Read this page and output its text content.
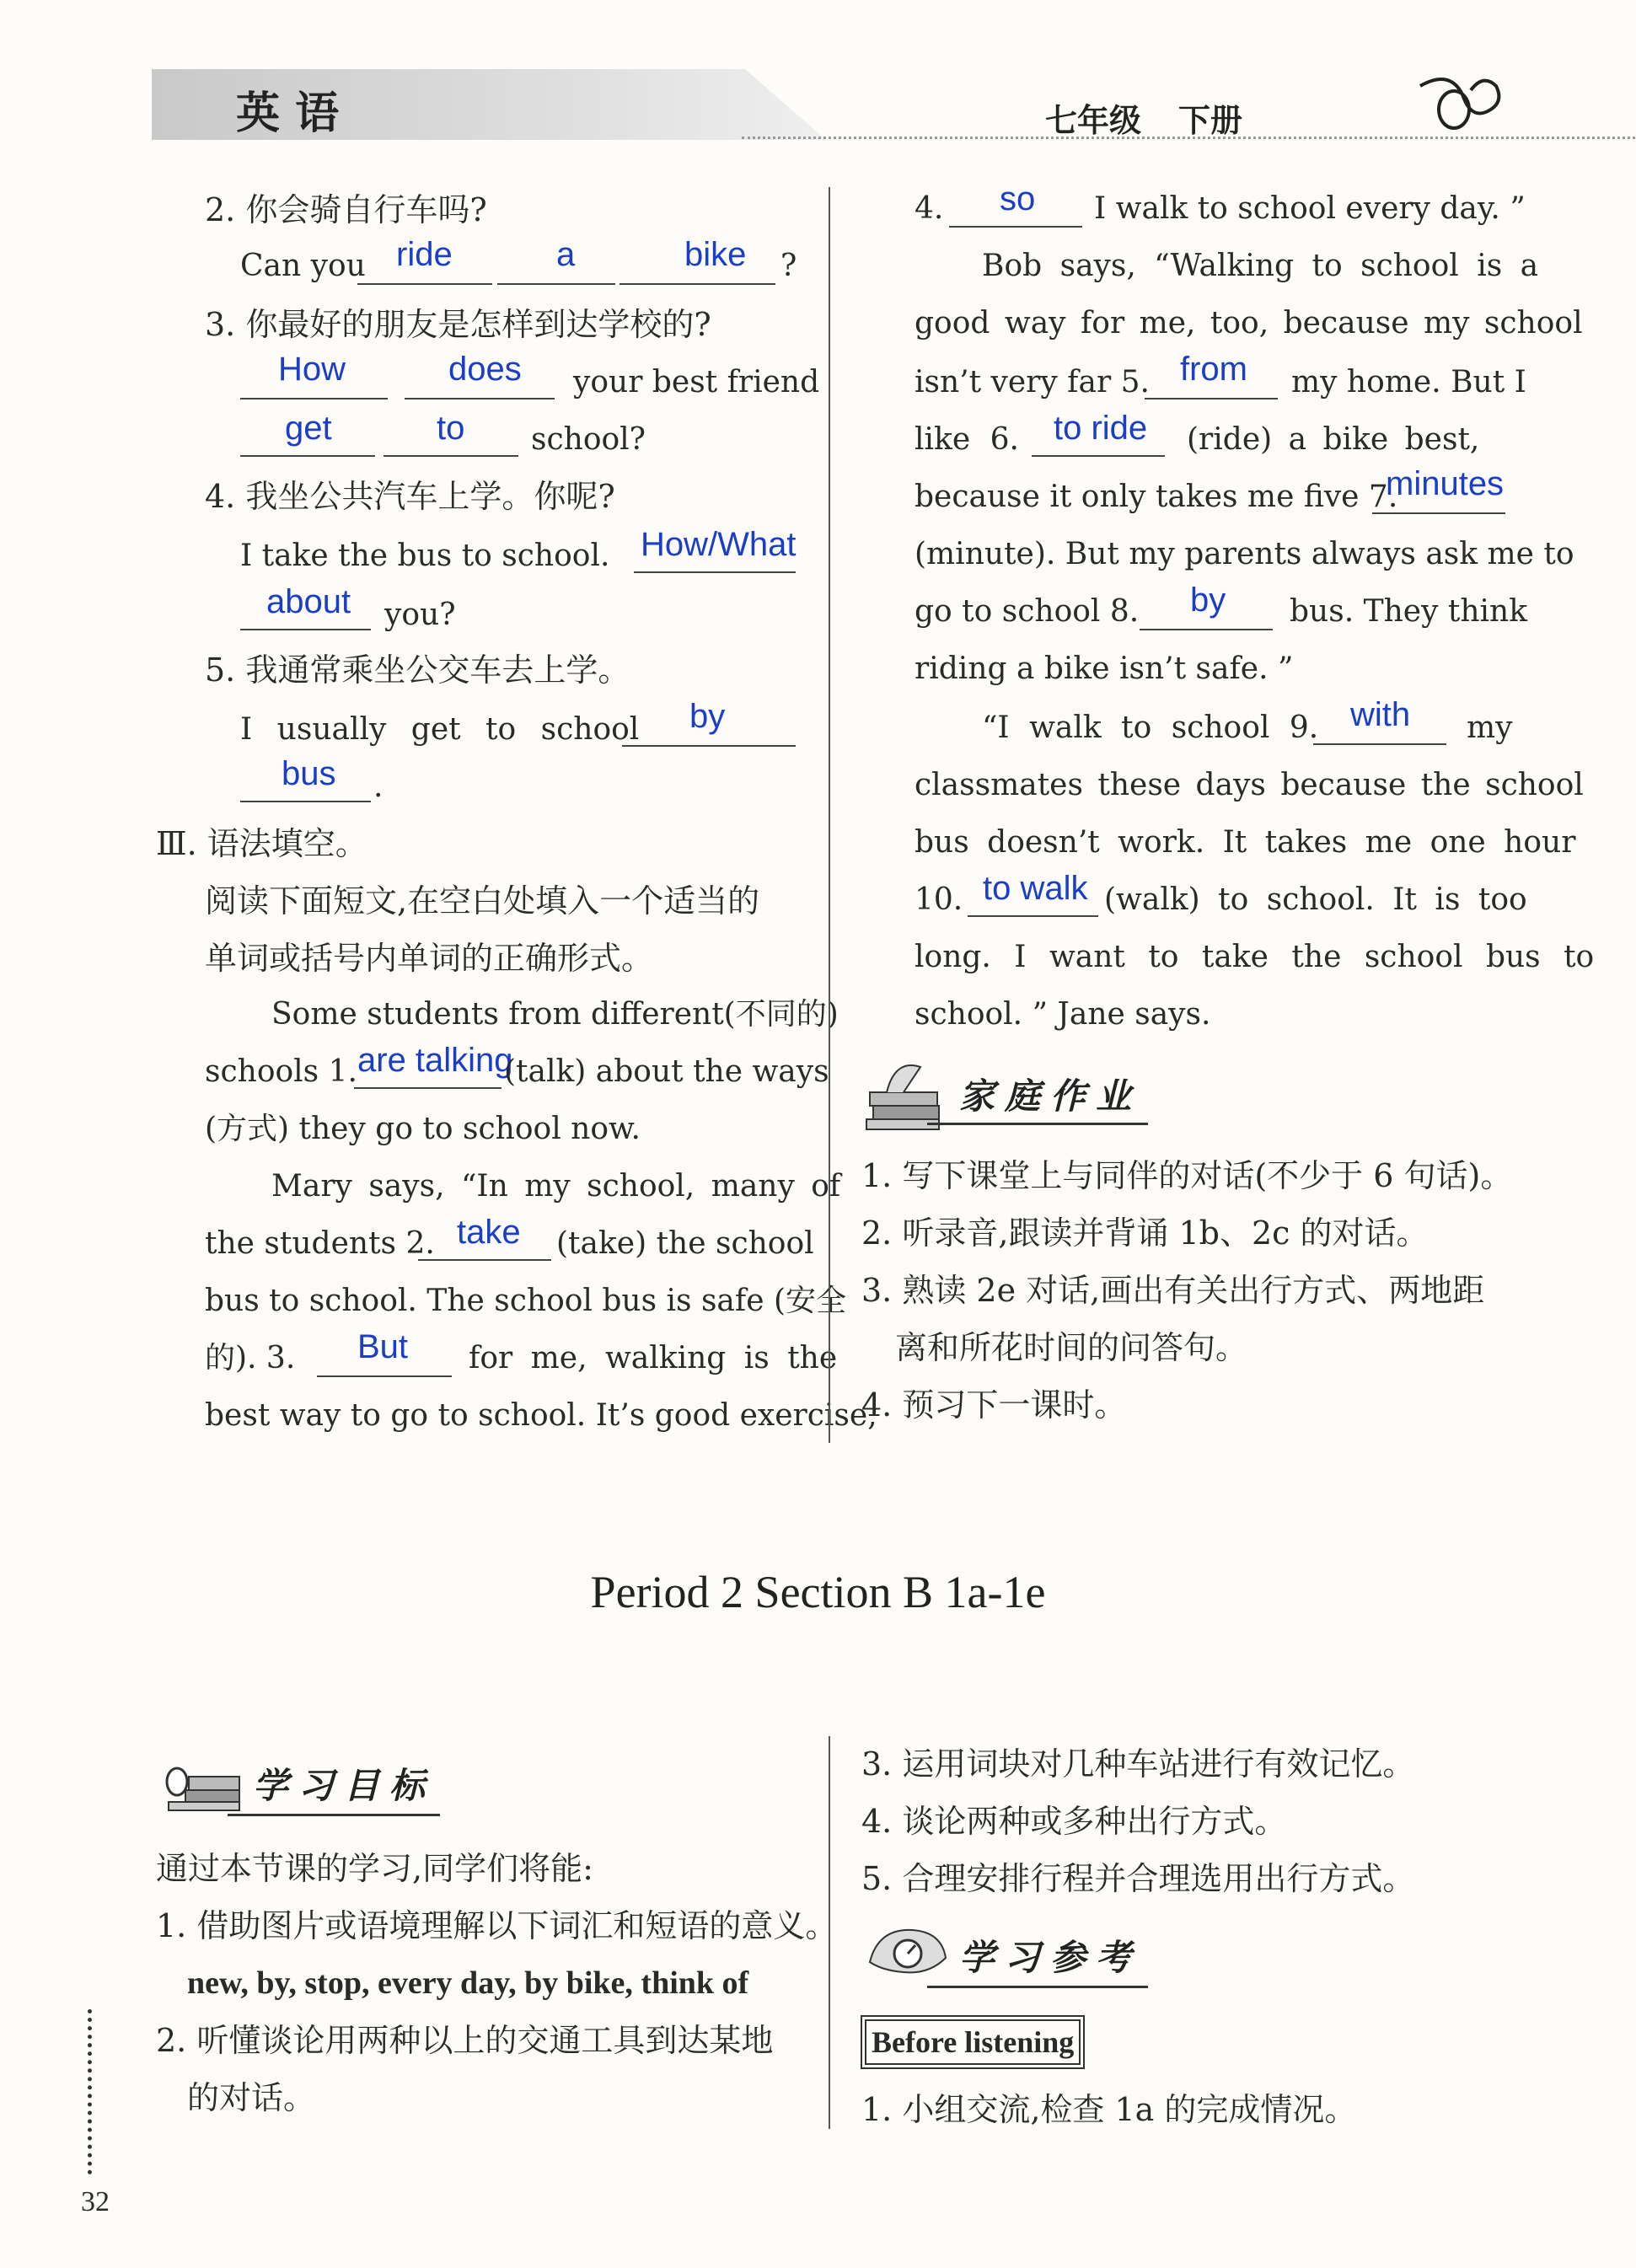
英 语	七年级 下册
2. 你会骑自行车吗?
Can you ride	a	bike ?
3. 你最好的朋友是怎样到达学校的?
How	does your best friend
get	to school?
4. 我坐公共汽车上学。你呢?
I take the bus to school. How/What
about you?
5. 我通常乘坐公交车去上学。
I usually get to school by
bus .
Ⅲ. 语法填空。
阅读下面短文,在空白处填入一个适当的
单词或括号内单词的正确形式。
Some students from different(不同的)
schools 1. are talking
(talk) about the ways
(方式) they go to school now.
Mary says, “In my school, many of
the students 2. take (take) the school
bus to school. The school bus is safe (安全
的). 3. But for me, walking is the
best way to go to school. It’s good exercise,
4. so I walk to school every day. ”
Bob says, “Walking to school is a
good way for me, too, because my school
isn’t very far 5. from my home. But I
like 6. to ride (ride) a bike best,
because it only takes me five 7.
minutes
(minute). But my parents always ask me to
go to school 8. by bus. They think
riding a bike isn’t safe. ”
“I walk to school 9. with my
classmates these days because the school
bus doesn’t work. It takes me one hour
10. to walk (walk) to school. It is too
long. I want to take the school bus to
school. ” Jane says.
家庭作业
1. 写下课堂上与同伴的对话(不少于 6 句话)。
2. 听录音,跟读并背诵 1b、2c 的对话。
3. 熟读 2e 对话,画出有关出行方式、两地距
离和所花时间的问答句。
4. 预习下一课时。
Period 2 Section B 1a-1e
学习目标
通过本节课的学习,同学们将能:
1. 借助图片或语境理解以下词汇和短语的意义。
new, by, stop, every day, by bike, think of
2. 听懂谈论用两种以上的交通工具到达某地
的对话。
3. 运用词块对几种车站进行有效记忆。
4. 谈论两种或多种出行方式。
5. 合理安排行程并合理选用出行方式。
学习参考
Before listening
1. 小组交流,检查 1a 的完成情况。
32
